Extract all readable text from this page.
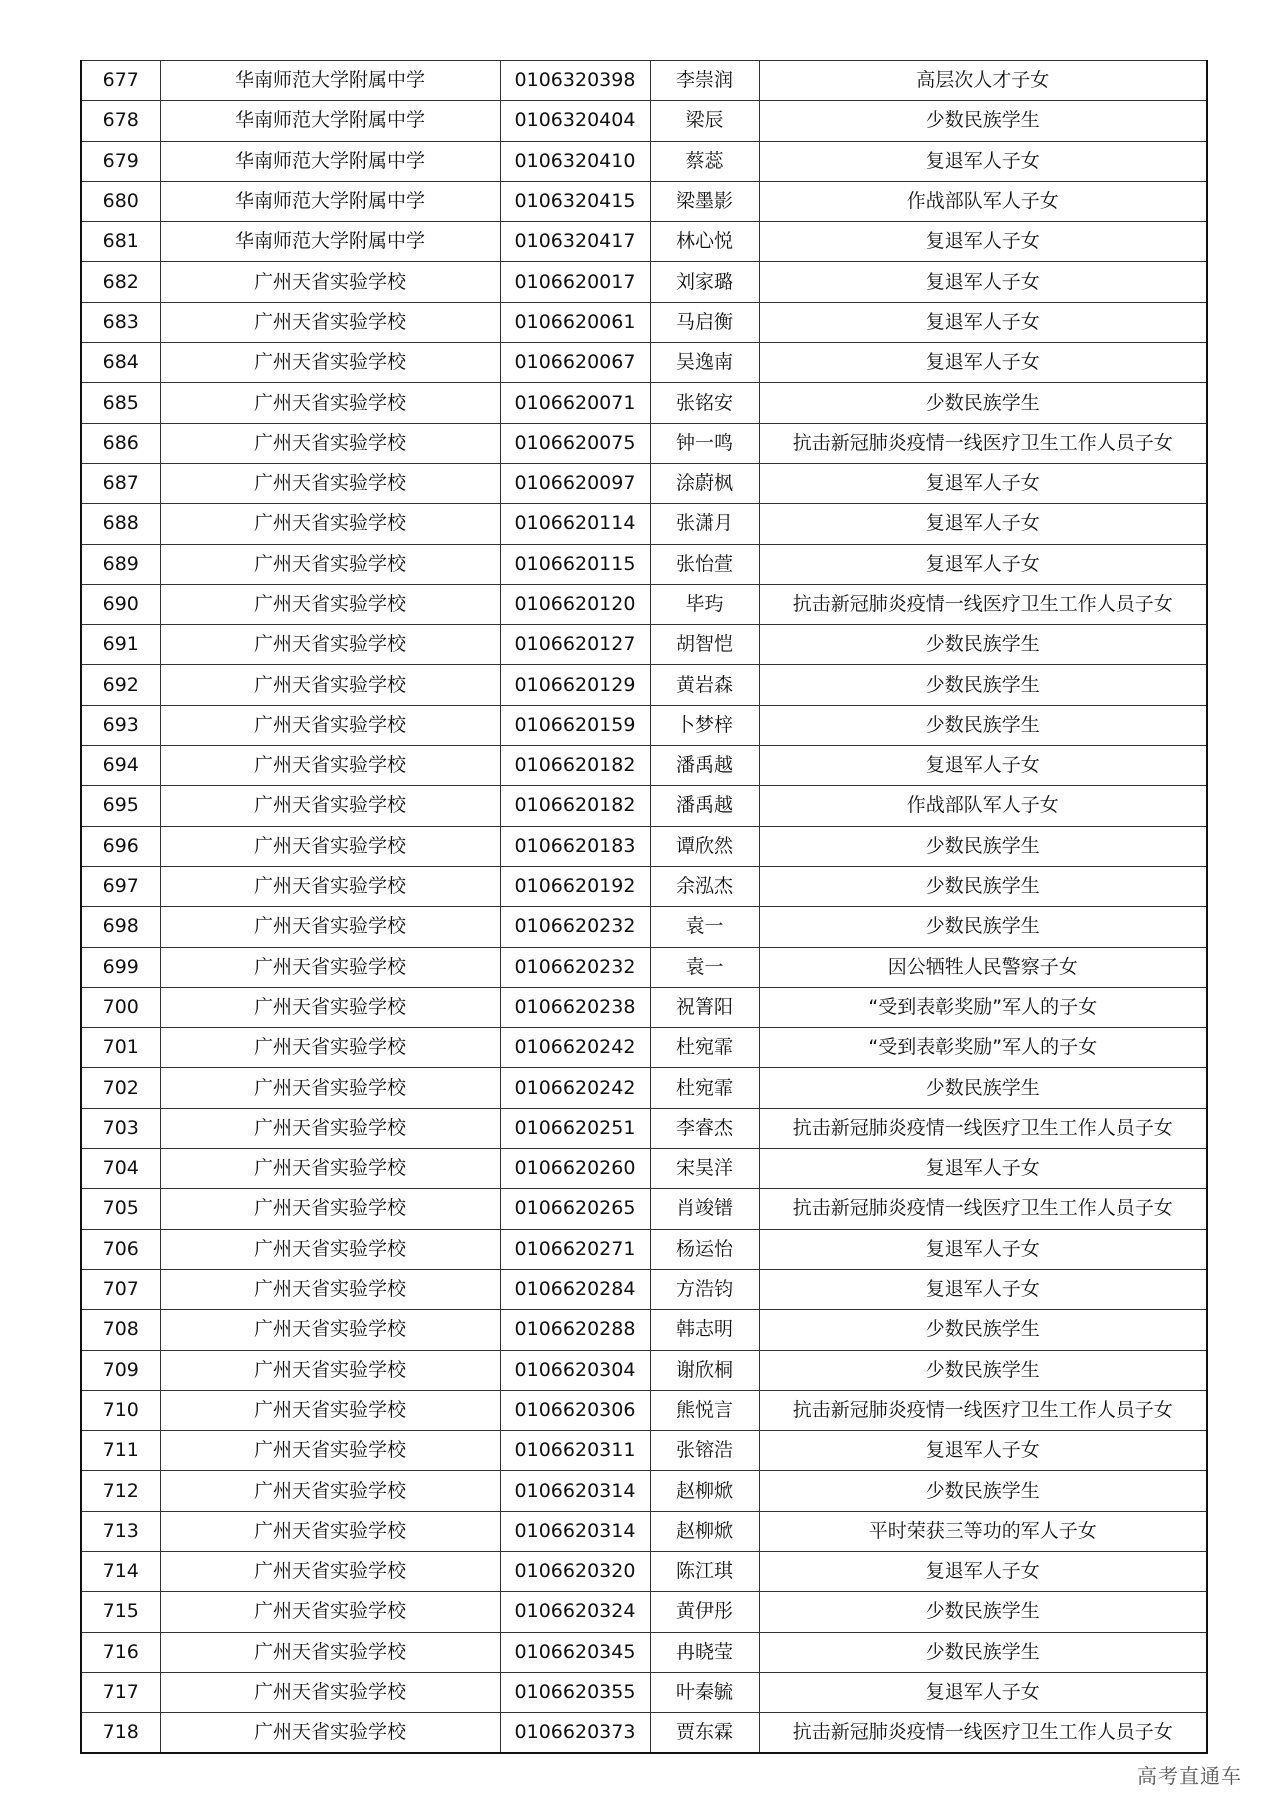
677	华南师范大学附属中学	0106320398	李崇润	高层次人才子女
678	华南师范大学附属中学	0106320404	梁辰	少数民族学生
679	华南师范大学附属中学	0106320410	蔡蕊	复退军人子女
680	华南师范大学附属中学	0106320415	梁墨影	作战部队军人子女
681	华南师范大学附属中学	0106320417	林心悦	复退军人子女
682	广州天省实验学校	0106620017	刘家璐	复退军人子女
683	广州天省实验学校	0106620061	马启衡	复退军人子女
684	广州天省实验学校	0106620067	吴逸南	复退军人子女
685	广州天省实验学校	0106620071	张铭安	少数民族学生
686	广州天省实验学校	0106620075	钟一鸣	抗击新冠肺炎疫情一线医疗卫生工作人员子女
687	广州天省实验学校	0106620097	涂蔚枫	复退军人子女
688	广州天省实验学校	0106620114	张潇月	复退军人子女
689	广州天省实验学校	0106620115	张怡萱	复退军人子女
690	广州天省实验学校	0106620120	毕玙	抗击新冠肺炎疫情一线医疗卫生工作人员子女
691	广州天省实验学校	0106620127	胡智恺	少数民族学生
692	广州天省实验学校	0106620129	黄岩森	少数民族学生
693	广州天省实验学校	0106620159	卜梦梓	少数民族学生
694	广州天省实验学校	0106620182	潘禹越	复退军人子女
695	广州天省实验学校	0106620182	潘禹越	作战部队军人子女
696	广州天省实验学校	0106620183	谭欣然	少数民族学生
697	广州天省实验学校	0106620192	余泓杰	少数民族学生
698	广州天省实验学校	0106620232	袁一	少数民族学生
699	广州天省实验学校	0106620232	袁一	因公牺牲人民警察子女
700	广州天省实验学校	0106620238	祝箐阳	“受到表彰奖励”军人的子女
701	广州天省实验学校	0106620242	杜宛霏	“受到表彰奖励”军人的子女
702	广州天省实验学校	0106620242	杜宛霏	少数民族学生
703	广州天省实验学校	0106620251	李睿杰	抗击新冠肺炎疫情一线医疗卫生工作人员子女
704	广州天省实验学校	0106620260	宋昊洋	复退军人子女
705	广州天省实验学校	0106620265	肖竣镨	抗击新冠肺炎疫情一线医疗卫生工作人员子女
706	广州天省实验学校	0106620271	杨运怡	复退军人子女
707	广州天省实验学校	0106620284	方浩钧	复退军人子女
708	广州天省实验学校	0106620288	韩志明	少数民族学生
709	广州天省实验学校	0106620304	谢欣桐	少数民族学生
710	广州天省实验学校	0106620306	熊悦言	抗击新冠肺炎疫情一线医疗卫生工作人员子女
711	广州天省实验学校	0106620311	张镕浩	复退军人子女
712	广州天省实验学校	0106620314	赵柳焮	少数民族学生
713	广州天省实验学校	0106620314	赵柳焮	平时荣获三等功的军人子女
714	广州天省实验学校	0106620320	陈江琪	复退军人子女
715	广州天省实验学校	0106620324	黄伊彤	少数民族学生
716	广州天省实验学校	0106620345	冉晓莹	少数民族学生
717	广州天省实验学校	0106620355	叶秦毓	复退军人子女
718	广州天省实验学校	0106620373	贾东霖	抗击新冠肺炎疫情一线医疗卫生工作人员子女
高考直通车
